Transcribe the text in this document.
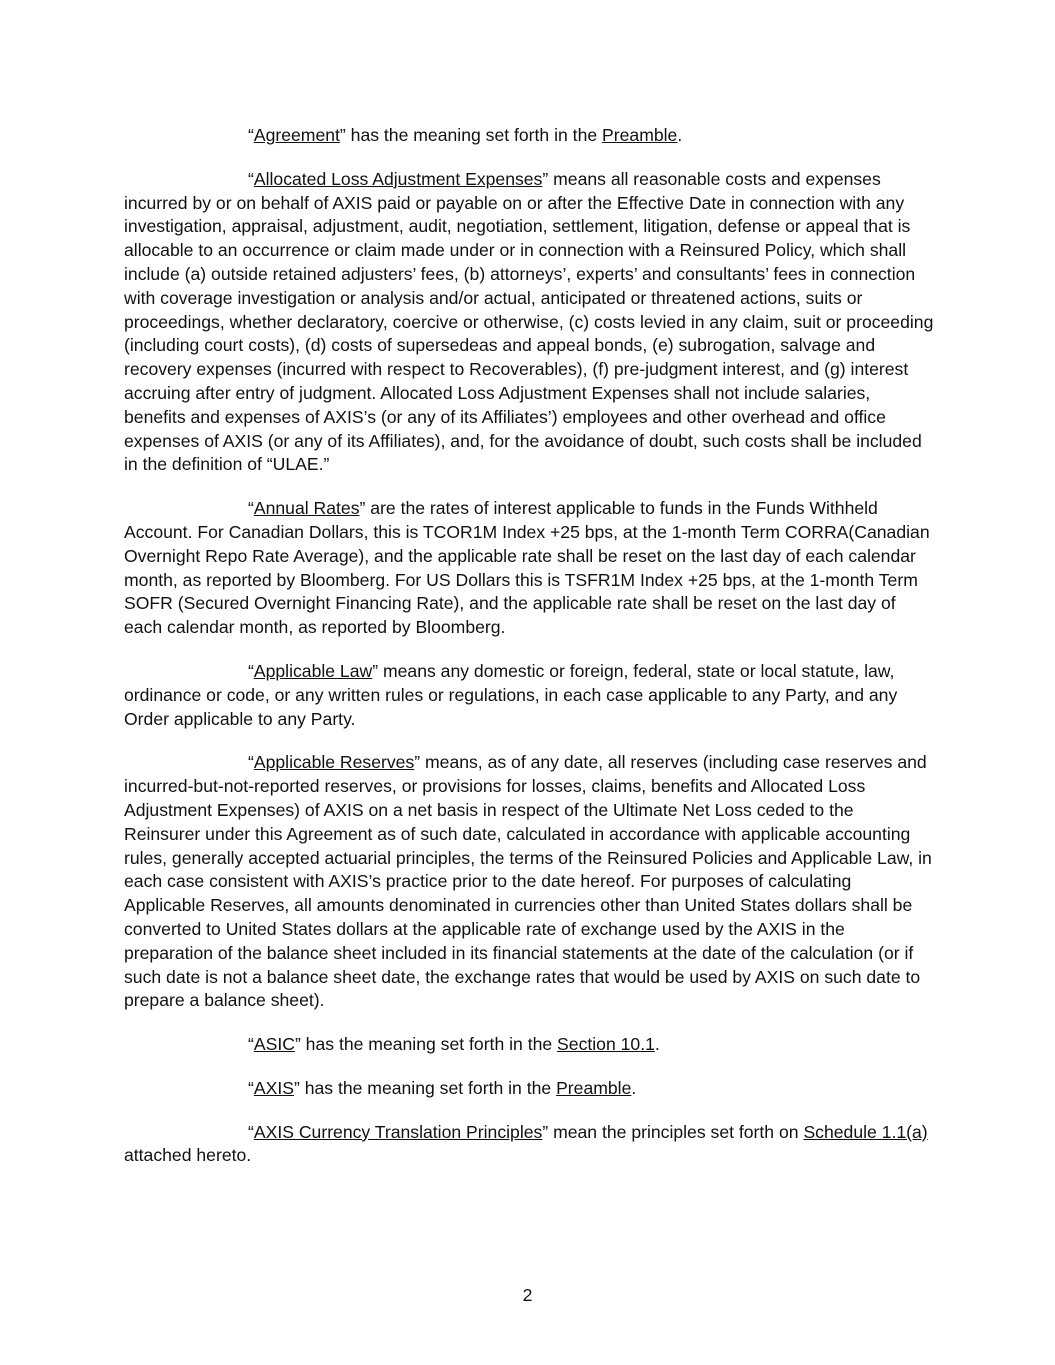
“Agreement” has the meaning set forth in the Preamble.

“Allocated Loss Adjustment Expenses” means all reasonable costs and expenses incurred by or on behalf of AXIS paid or payable on or after the Effective Date in connection with any investigation, appraisal, adjustment, audit, negotiation, settlement, litigation, defense or appeal that is allocable to an occurrence or claim made under or in connection with a Reinsured Policy, which shall include (a) outside retained adjusters’ fees, (b) attorneys’, experts’ and consultants’ fees in connection with coverage investigation or analysis and/or actual, anticipated or threatened actions, suits or proceedings, whether declaratory, coercive or otherwise, (c) costs levied in any claim, suit or proceeding (including court costs), (d) costs of supersedeas and appeal bonds, (e) subrogation, salvage and recovery expenses (incurred with respect to Recoverables), (f) pre-judgment interest, and (g) interest accruing after entry of judgment. Allocated Loss Adjustment Expenses shall not include salaries, benefits and expenses of AXIS’s (or any of its Affiliates’) employees and other overhead and office expenses of AXIS (or any of its Affiliates), and, for the avoidance of doubt, such costs shall be included in the definition of “ULAE.”

“Annual Rates” are the rates of interest applicable to funds in the Funds Withheld Account. For Canadian Dollars, this is TCOR1M Index +25 bps, at the 1-month Term CORRA(Canadian Overnight Repo Rate Average), and the applicable rate shall be reset on the last day of each calendar month, as reported by Bloomberg. For US Dollars this is TSFR1M Index +25 bps, at the 1-month Term SOFR (Secured Overnight Financing Rate), and the applicable rate shall be reset on the last day of each calendar month, as reported by Bloomberg.

“Applicable Law” means any domestic or foreign, federal, state or local statute, law, ordinance or code, or any written rules or regulations, in each case applicable to any Party, and any Order applicable to any Party.

“Applicable Reserves” means, as of any date, all reserves (including case reserves and incurred-but-not-reported reserves, or provisions for losses, claims, benefits and Allocated Loss Adjustment Expenses) of AXIS on a net basis in respect of the Ultimate Net Loss ceded to the Reinsurer under this Agreement as of such date, calculated in accordance with applicable accounting rules, generally accepted actuarial principles, the terms of the Reinsured Policies and Applicable Law, in each case consistent with AXIS’s practice prior to the date hereof. For purposes of calculating Applicable Reserves, all amounts denominated in currencies other than United States dollars shall be converted to United States dollars at the applicable rate of exchange used by the AXIS in the preparation of the balance sheet included in its financial statements at the date of the calculation (or if such date is not a balance sheet date, the exchange rates that would be used by AXIS on such date to prepare a balance sheet).

“ASIC” has the meaning set forth in the Section 10.1.

“AXIS” has the meaning set forth in the Preamble.

“AXIS Currency Translation Principles” mean the principles set forth on Schedule 1.1(a) attached hereto.

2
